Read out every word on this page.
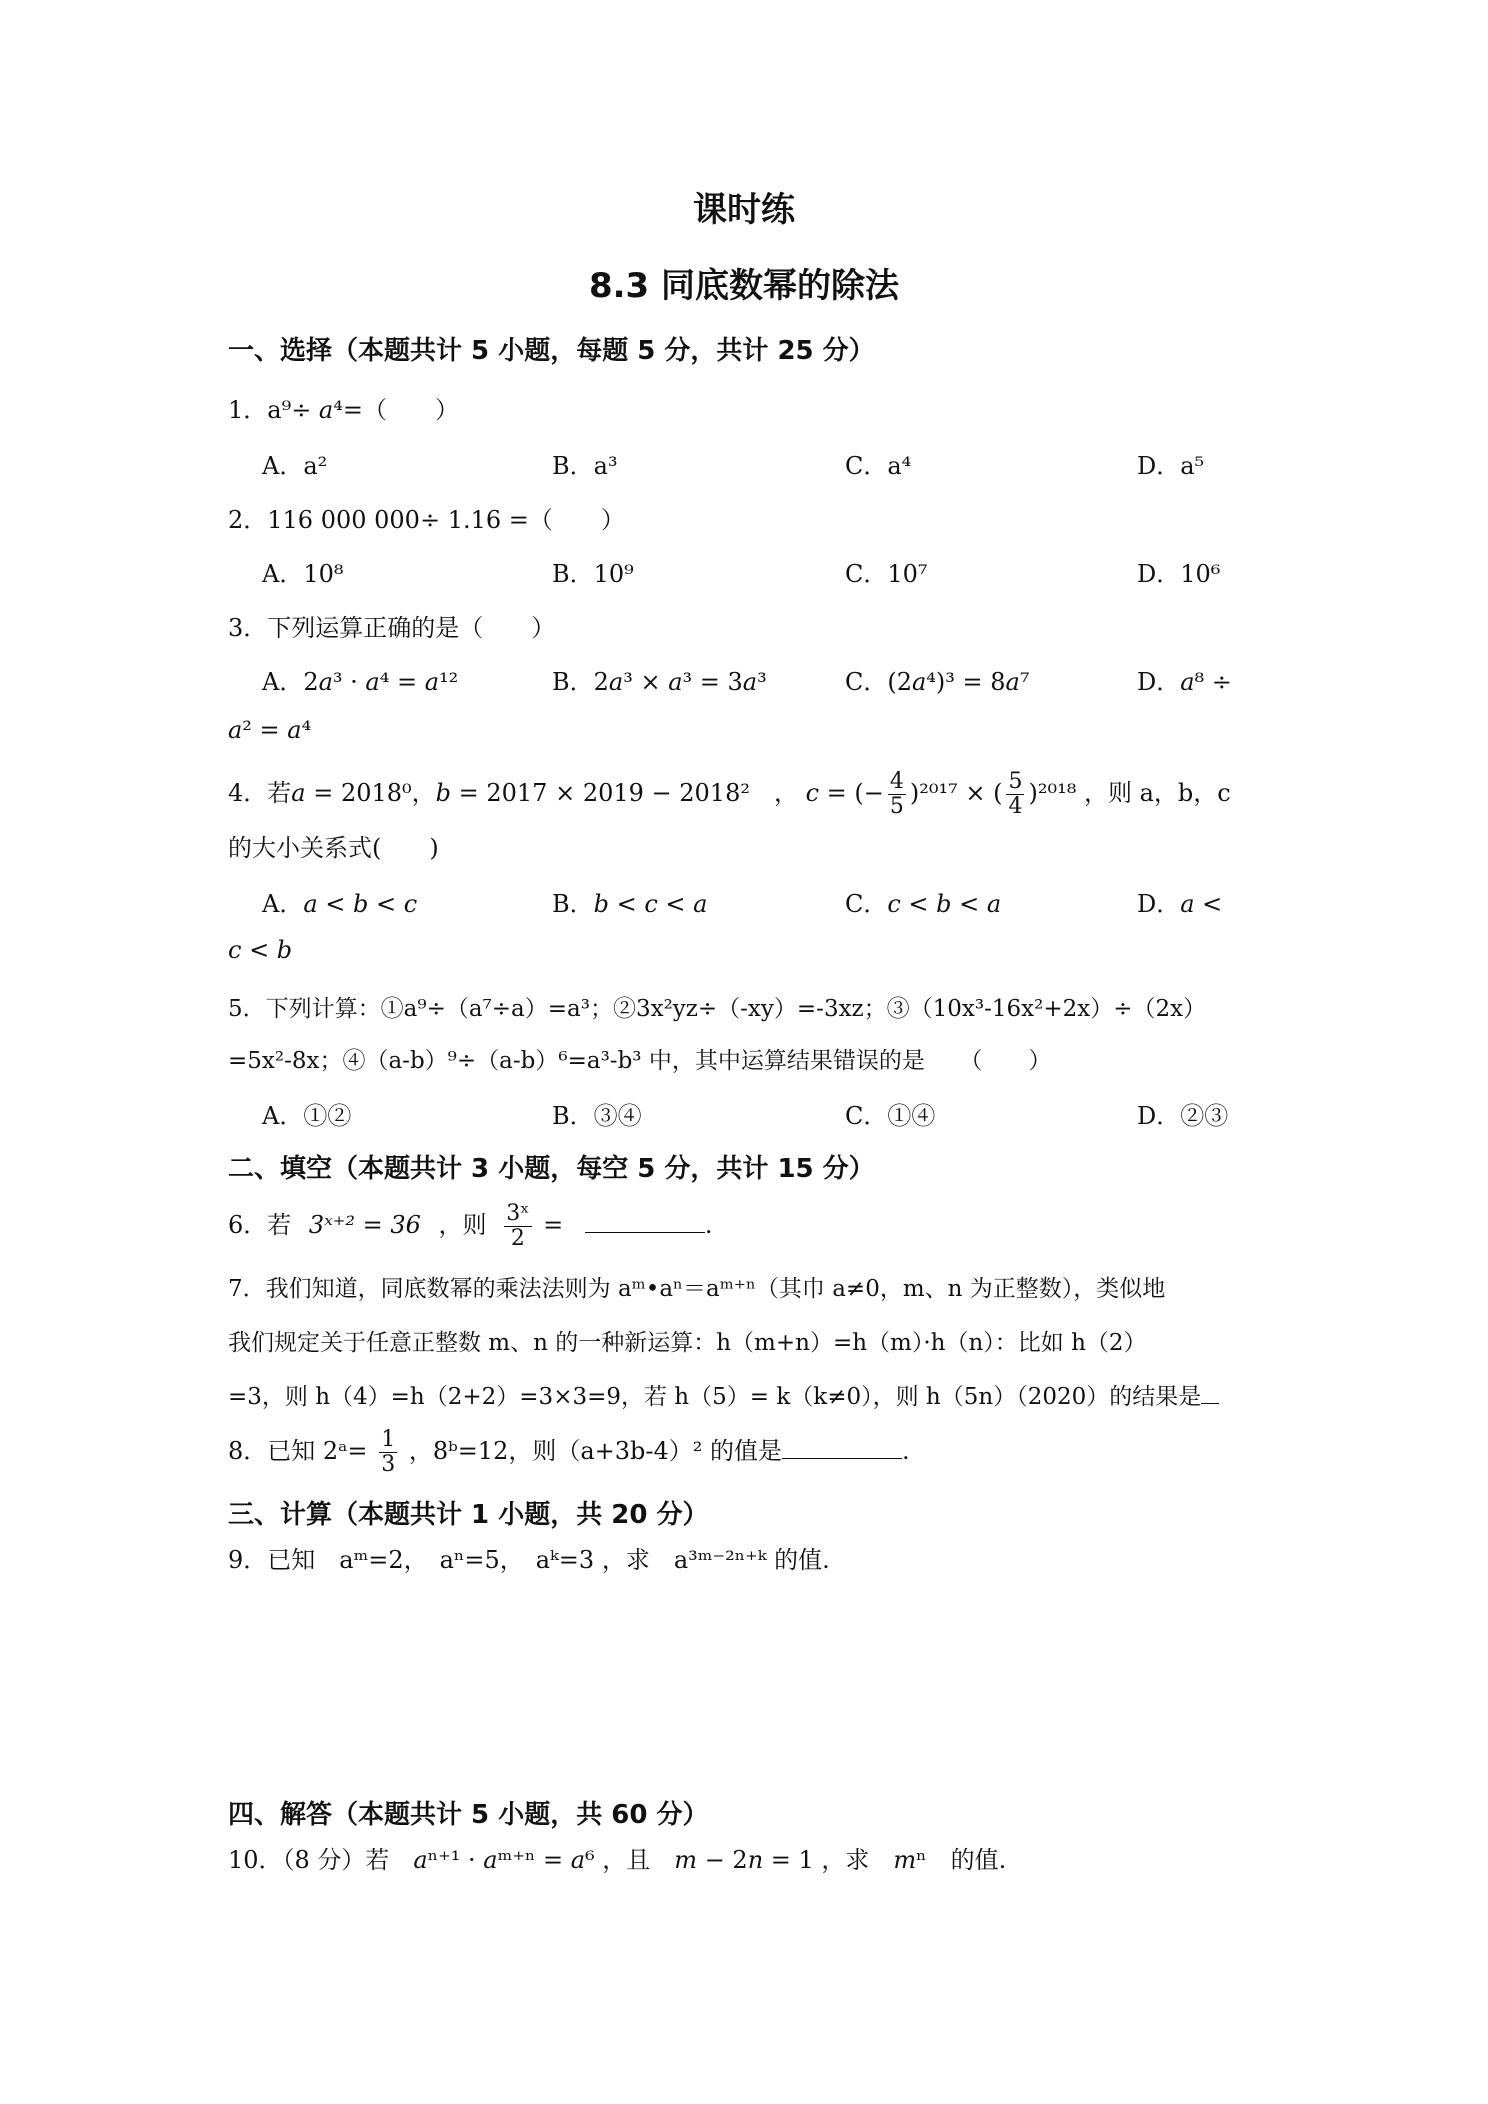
课时练
8.3 同底数幂的除法
一、选择（本题共计 5 小题，每题 5 分，共计 25 分）
1．a⁹÷ 𝑎⁴=（　　）
A．a²	B．a³	C．a⁴	D．a⁵
2．116 000 000÷ 1.16 =（　　）
A．10⁸	B．10⁹	C．10⁷	D．10⁶
3．下列运算正确的是（　　）
A．2𝑎³ · 𝑎⁴ = 𝑎¹²	B．2𝑎³ × 𝑎³ = 3𝑎³	C．(2𝑎⁴)³ = 8𝑎⁷	D．𝑎⁸ ÷
𝑎² = 𝑎⁴
4．若𝑎 = 2018⁰，𝑏 = 2017 × 2019 − 2018²　， 𝑐 = (− $\frac{4}{5} )^{2017}$ × ( $\frac{5}{4} )^{2018}$ ，则 a，b，c
的大小关系式(　　)
A．𝑎 < 𝑏 < 𝑐	B．𝑏 < 𝑐 < 𝑎	C．𝑐 < 𝑏 < 𝑎	D．𝑎 <
𝑐 < 𝑏
5．下列计算：①a⁹÷（a⁷÷a）=a³；②3x²yz÷（-xy）=-3xz；③（10x³-16x²+2x）÷（2x）
=5x²-8x；④（a-b）⁹÷（a-b）⁶=a³-b³ 中，其中运算结果错误的是　　（　　）
A．①②	B．③④	C．①④	D．②③
二、填空（本题共计 3 小题，每空 5 分，共计 15 分）
6．若 3ˣ⁺² = 36 ，则 $\frac{\text{3ˣ}}{2}$ =	.
7．我们知道，同底数幂的乘法法则为 aᵐ•aⁿ＝aᵐ⁺ⁿ（其巾 a≠0，m、n 为正整数），类似地
我们规定关于任意正整数 m、n 的一种新运算：h（m+n）=h（m）·h（n）：比如 h（2）
=3，则 h（4）=h（2+2）=3×3=9，若 h（5）= k（k≠0），则 h（5n）（2020）的结果是
8．已知 2ᵃ= $\frac{1}{3}$ ，8ᵇ=12，则（a+3b-4）² 的值是	.
三、计算（本题共计 1 小题，共 20 分）
9．已知　aᵐ=2，　aⁿ=5，　aᵏ=3 ，求　a³ᵐ⁻²ⁿ⁺ᵏ 的值.
四、解答（本题共计 5 小题，共 60 分）
10．（8 分）若　𝑎ⁿ⁺¹ · 𝑎ᵐ⁺ⁿ = 𝑎⁶ ，且　𝑚 − 2𝑛 = 1 ，求　𝑚ⁿ　的值.
